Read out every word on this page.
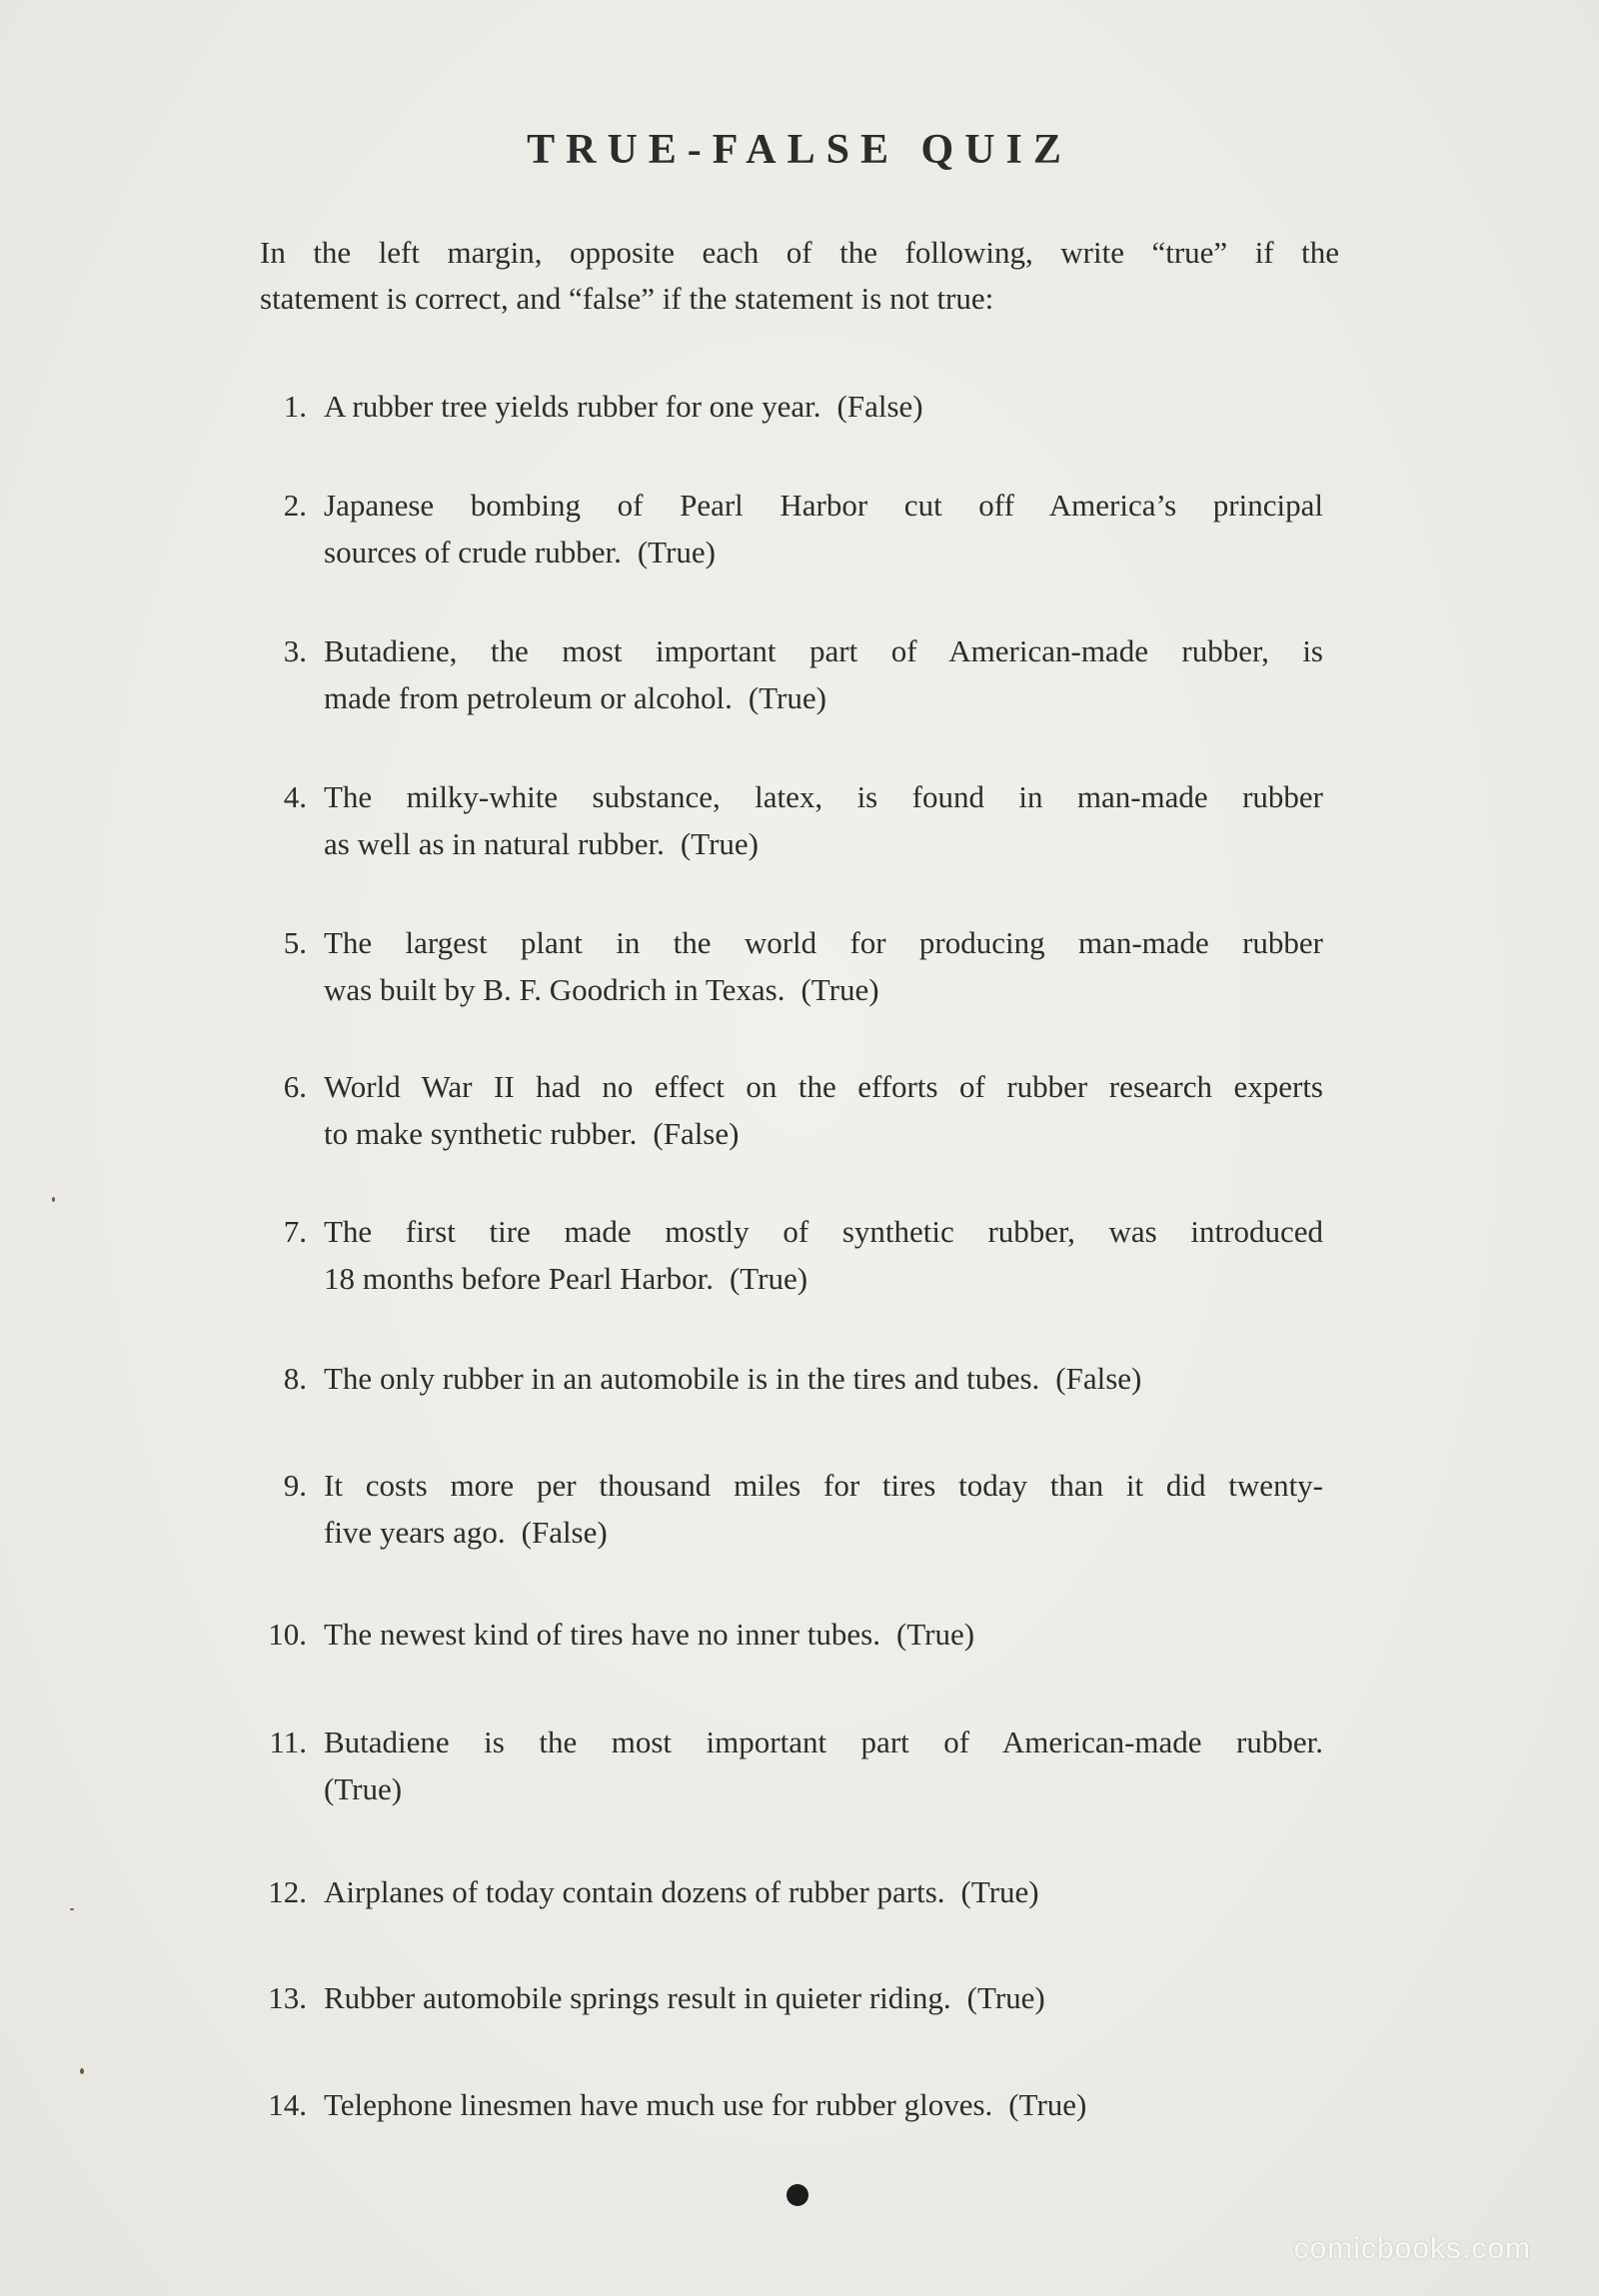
TRUE-FALSE QUIZ
In the left margin, opposite each of the following, write “true” if the
statement is correct, and “false” if the statement is not true:
1. A rubber tree yields rubber for one year. (False)
2. Japanese bombing of Pearl Harbor cut off America’s principal
sources of crude rubber. (True)
3. Butadiene, the most important part of American-made rubber, is
made from petroleum or alcohol. (True)
4. The milky-white substance, latex, is found in man-made rubber
as well as in natural rubber. (True)
5. The largest plant in the world for producing man-made rubber
was built by B. F. Goodrich in Texas. (True)
6. World War II had no effect on the efforts of rubber research experts
to make synthetic rubber. (False)
7. The first tire made mostly of synthetic rubber, was introduced
18 months before Pearl Harbor. (True)
8. The only rubber in an automobile is in the tires and tubes. (False)
9. It costs more per thousand miles for tires today than it did twenty-
five years ago. (False)
10. The newest kind of tires have no inner tubes. (True)
11. Butadiene is the most important part of American-made rubber.
(True)
12. Airplanes of today contain dozens of rubber parts. (True)
13. Rubber automobile springs result in quieter riding. (True)
14. Telephone linesmen have much use for rubber gloves. (True)
comicbooks.com
